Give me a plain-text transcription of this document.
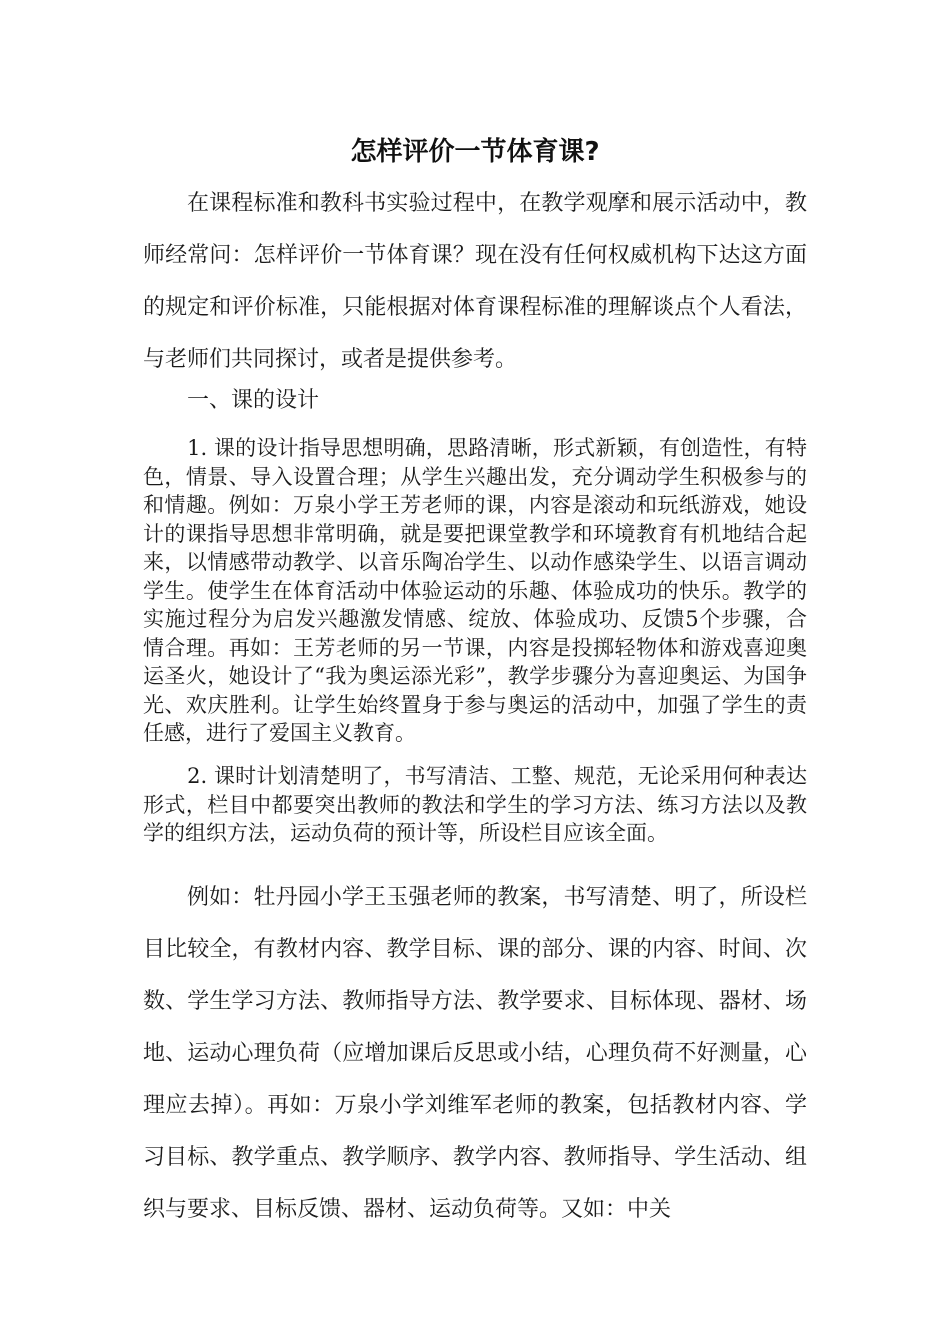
怎样评价一节体育课?

在课程标准和教科书实验过程中，在教学观摩和展示活动中，教师经常问：怎样评价一节体育课？现在没有任何权威机构下达这方面的规定和评价标准，只能根据对体育课程标准的理解谈点个人看法，与老师们共同探讨，或者是提供参考。

一、课的设计

1. 课的设计指导思想明确，思路清晰，形式新颖，有创造性，有特色，情景、导入设置合理；从学生兴趣出发，充分调动学生积极参与的和情趣。例如：万泉小学王芳老师的课，内容是滚动和玩纸游戏，她设计的课指导思想非常明确，就是要把课堂教学和环境教育有机地结合起来，以情感带动教学、以音乐陶冶学生、以动作感染学生、以语言调动学生。使学生在体育活动中体验运动的乐趣、体验成功的快乐。教学的实施过程分为启发兴趣激发情感、绽放、体验成功、反馈5个步骤，合情合理。再如：王芳老师的另一节课，内容是投掷轻物体和游戏喜迎奥运圣火，她设计了“我为奥运添光彩”，教学步骤分为喜迎奥运、为国争光、欢庆胜利。让学生始终置身于参与奥运的活动中，加强了学生的责任感，进行了爱国主义教育。

2. 课时计划清楚明了，书写清洁、工整、规范，无论采用何种表达形式，栏目中都要突出教师的教法和学生的学习方法、练习方法以及教学的组织方法，运动负荷的预计等，所设栏目应该全面。

例如：牡丹园小学王玉强老师的教案，书写清楚、明了，所设栏目比较全，有教材内容、教学目标、课的部分、课的内容、时间、次数、学生学习方法、教师指导方法、教学要求、目标体现、器材、场地、运动心理负荷（应增加课后反思或小结，心理负荷不好测量，心理应去掉）。再如：万泉小学刘维军老师的教案，包括教材内容、学习目标、教学重点、教学顺序、教学内容、教师指导、学生活动、组织与要求、目标反馈、器材、运动负荷等。又如：中关
